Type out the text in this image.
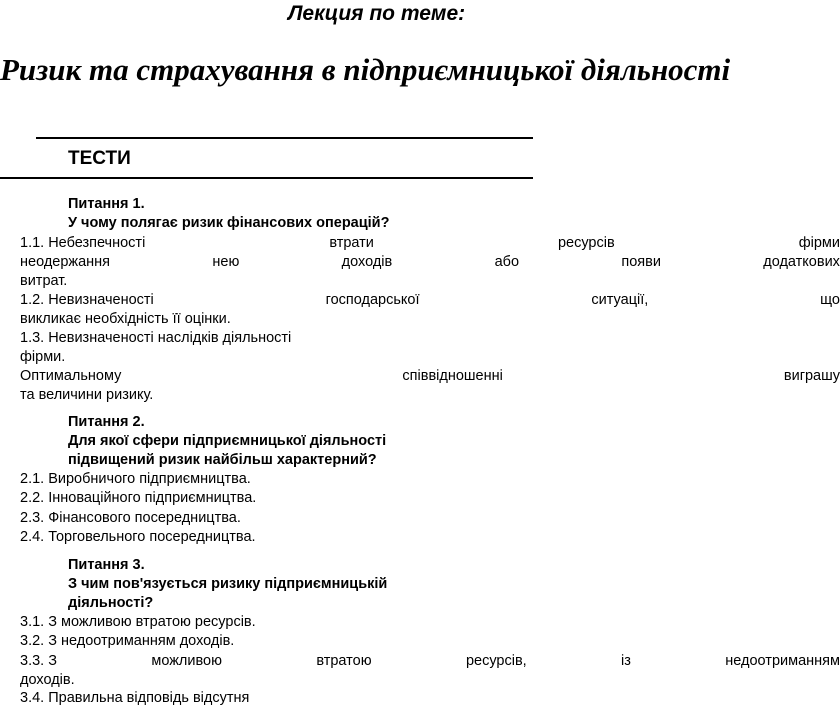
Лекция по теме:
Ризик та страхування в підприємницької діяльності
ТЕСТИ
Питання 1.
У чому полягає ризик фінансових операцій?
1.1. Небезпечності	втрати	ресурсів	фірми
неодержання	нею	доходів	або	появи	додаткових
витрат.
1.2. Невизначеності	господарської	ситуації,	що
викликає необхідність її оцінки.
1.3. Невизначеності наслідків діяльності
фірми.
Оптимальному	співвідношенні	виграшу
та величини ризику.
Питання 2.
Для якої сфери підприємницької діяльності
підвищений ризик найбільш характерний?
2.1. Виробничого підприємництва.
2.2. Інноваційного підприємництва.
2.3. Фінансового посередництва.
2.4. Торговельного посередництва.
Питання 3.
З чим пов'язується ризику підприємницькій
діяльності?
3.1. З можливою втратою ресурсів.
3.2. З недоотриманням доходів.
3.3. З	можливою	втратою	ресурсів,	із	недоотриманням
доходів.
3.4. Правильна відповідь відсутня
